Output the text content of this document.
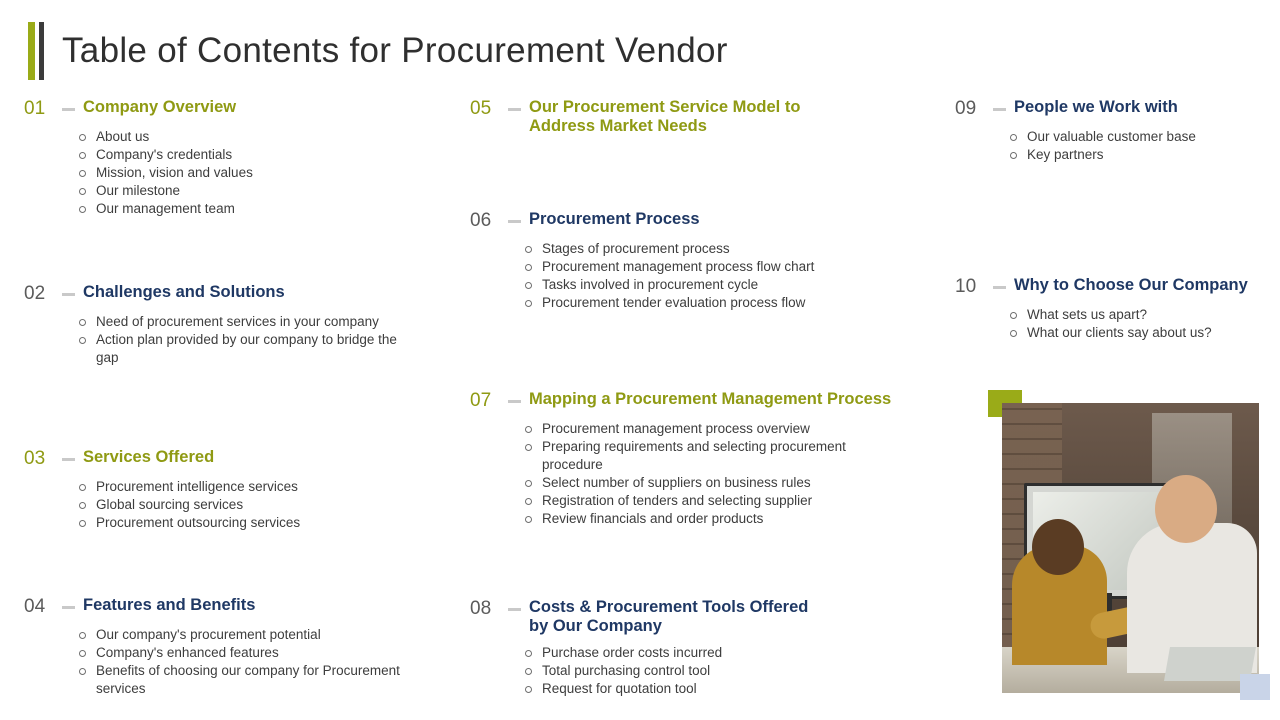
Table of Contents for Procurement Vendor
01	Company Overview
About us
Company's credentials
Mission, vision and values
Our milestone
Our management team
02	Challenges and Solutions
Need of procurement services in your company
Action plan provided by our company to bridge the gap
03	Services Offered
Procurement intelligence services
Global sourcing services
Procurement outsourcing services
04	Features and Benefits
Our company's procurement potential
Company's enhanced features
Benefits of choosing our company for Procurement services
05	Our Procurement Service Model to Address Market Needs
06	Procurement Process
Stages of procurement process
Procurement management process flow chart
Tasks involved in procurement cycle
Procurement tender evaluation process flow
07	Mapping a Procurement Management Process
Procurement management process overview
Preparing requirements and selecting procurement procedure
Select number of suppliers on business rules
Registration of tenders and selecting supplier
Review financials and order products
08	Costs & Procurement Tools Offered by Our Company
Purchase order costs incurred
Total purchasing control tool
Request for quotation tool
09	People we Work with
Our valuable customer base
Key partners
10	Why to Choose Our Company
What sets us apart?
What our clients say about us?
